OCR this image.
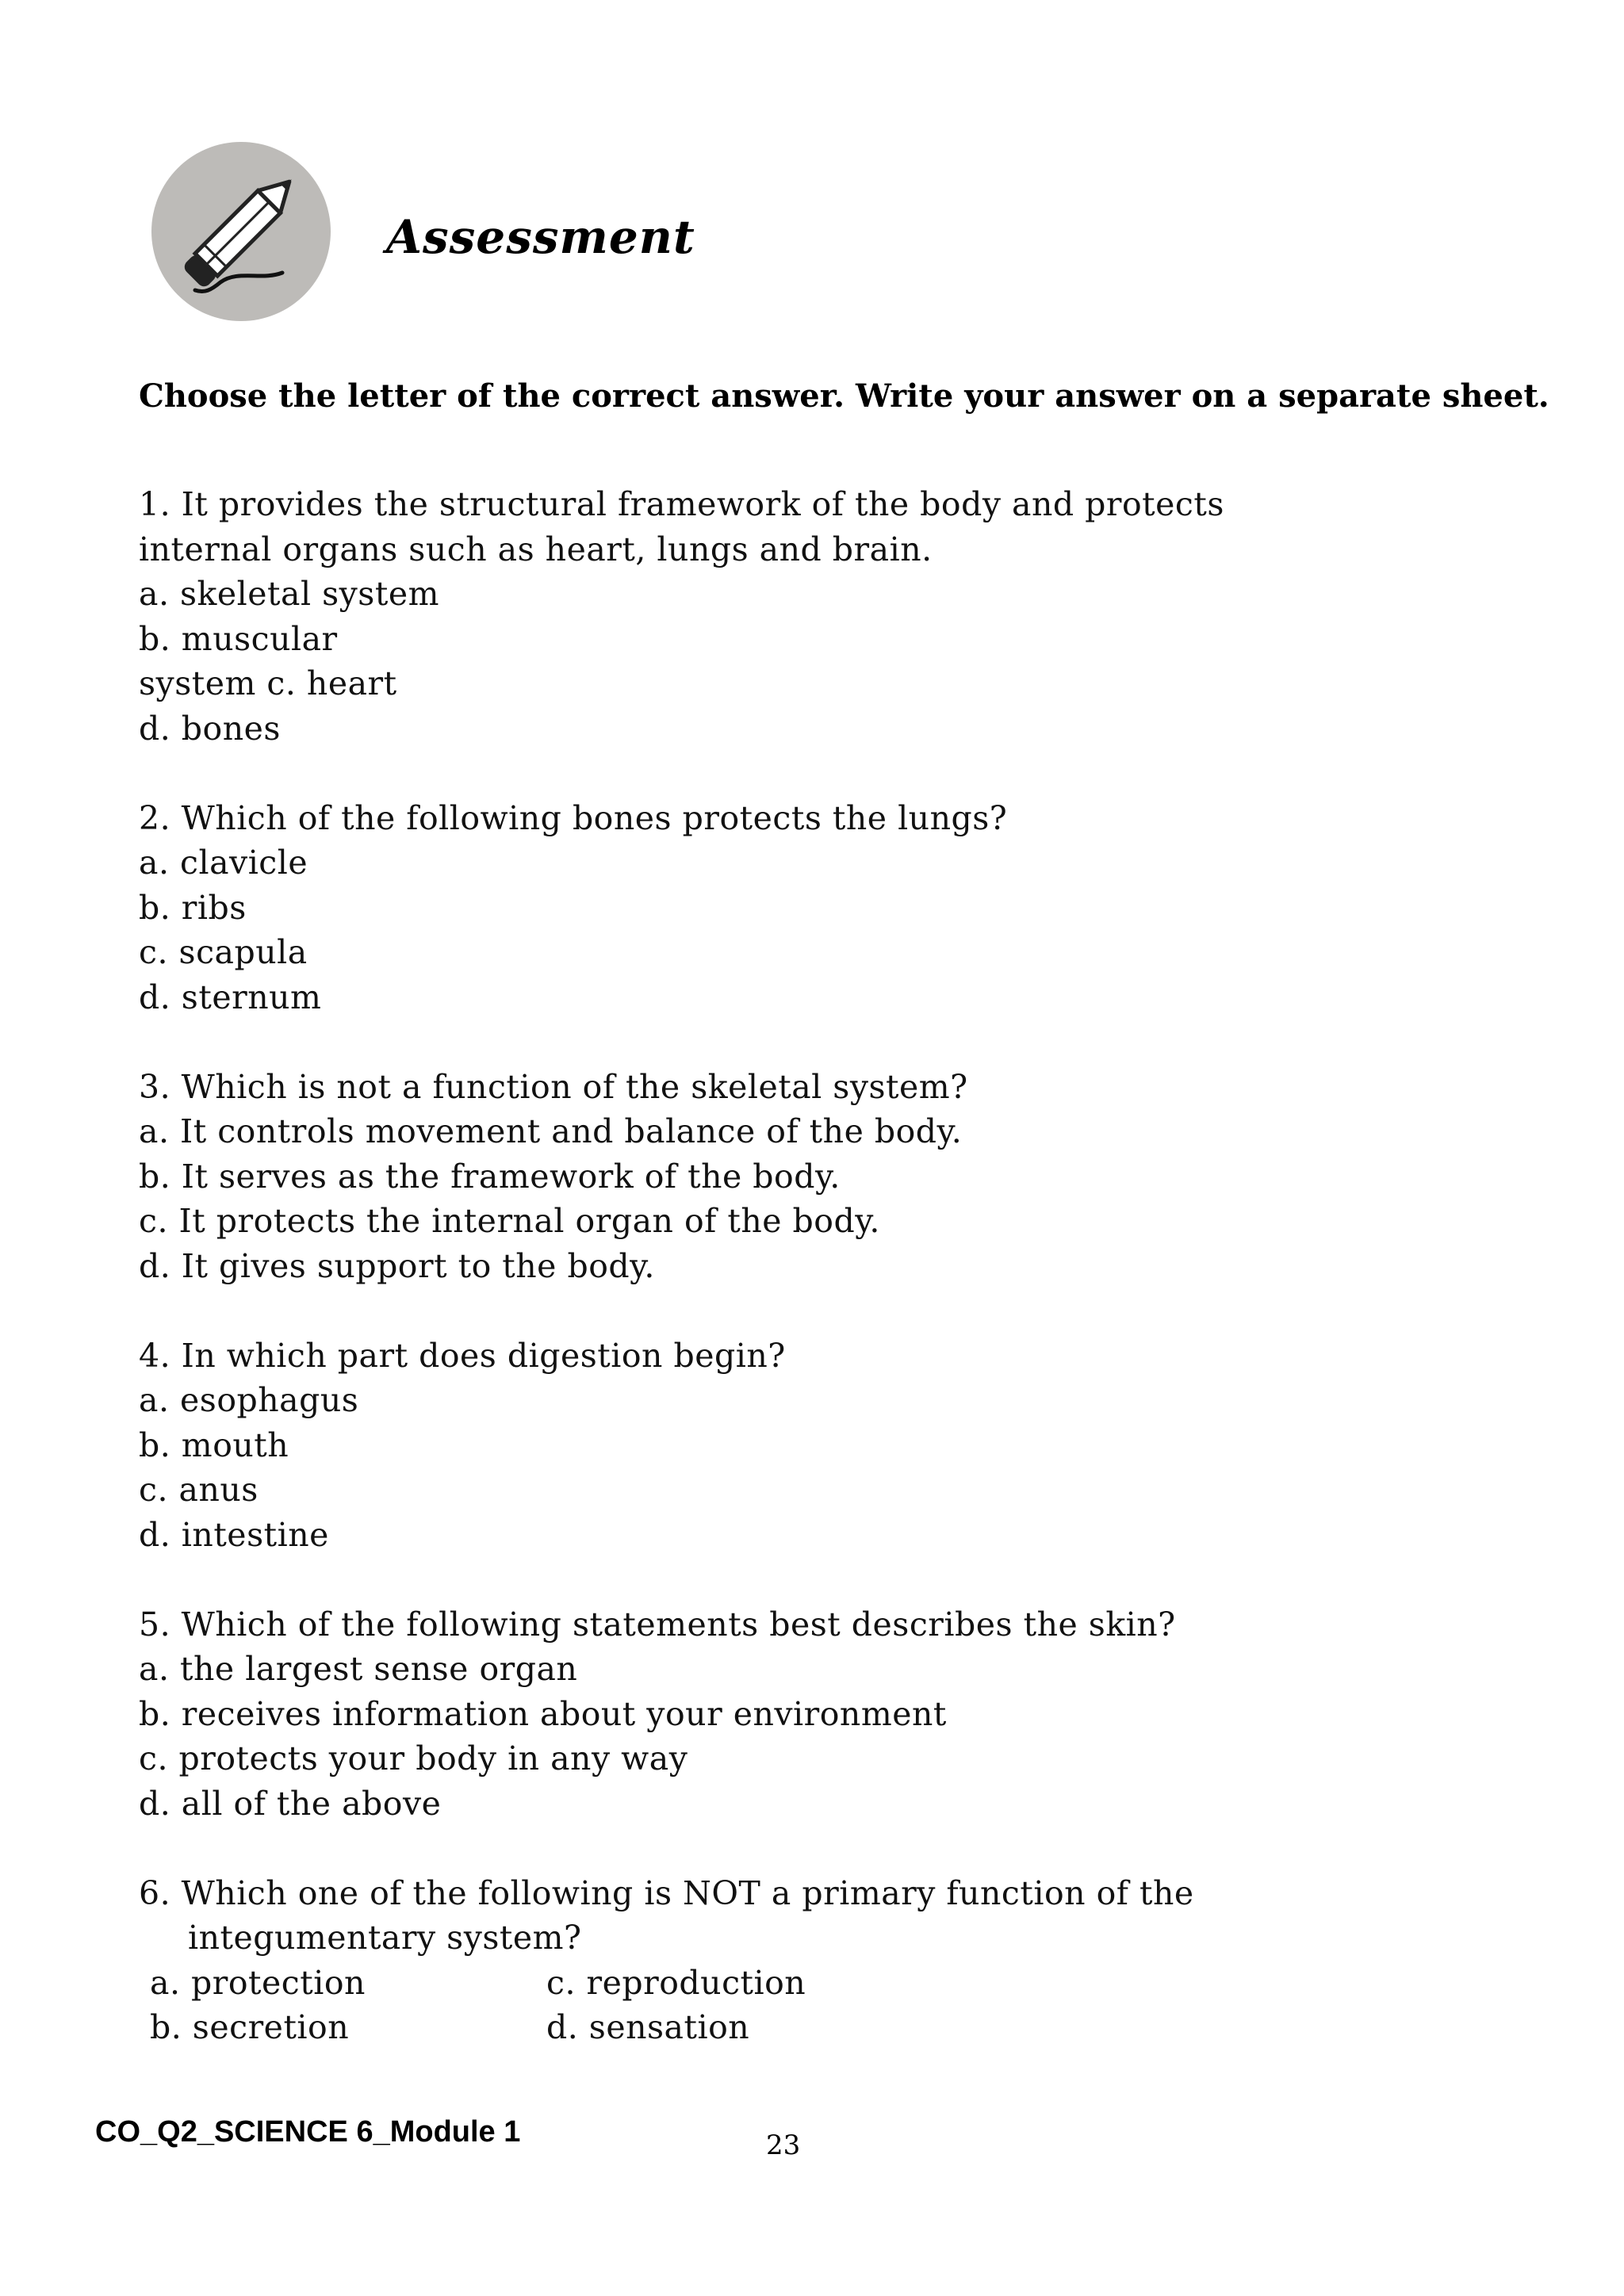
Assessment

Choose the letter of the correct answer. Write your answer on a separate sheet.

1. It provides the structural framework of the body and protects
internal organs such as heart, lungs and brain.
a. skeletal system
b. muscular
system c. heart
d. bones
2. Which of the following bones protects the lungs?
a. clavicle
b. ribs
c. scapula
d. sternum
3. Which is not a function of the skeletal system?
a. It controls movement and balance of the body.
b. It serves as the framework of the body.
c. It protects the internal organ of the body.
d. It gives support to the body.
4. In which part does digestion begin?
a. esophagus
b. mouth
c. anus
d. intestine
5. Which of the following statements best describes the skin?
a. the largest sense organ
b. receives information about your environment
c. protects your body in any way
d. all of the above
6. Which one of the following is NOT a primary function of the
integumentary system?
a. protection	c. reproduction
b. secretion	d. sensation
CO_Q2_SCIENCE 6_Module 1	23
